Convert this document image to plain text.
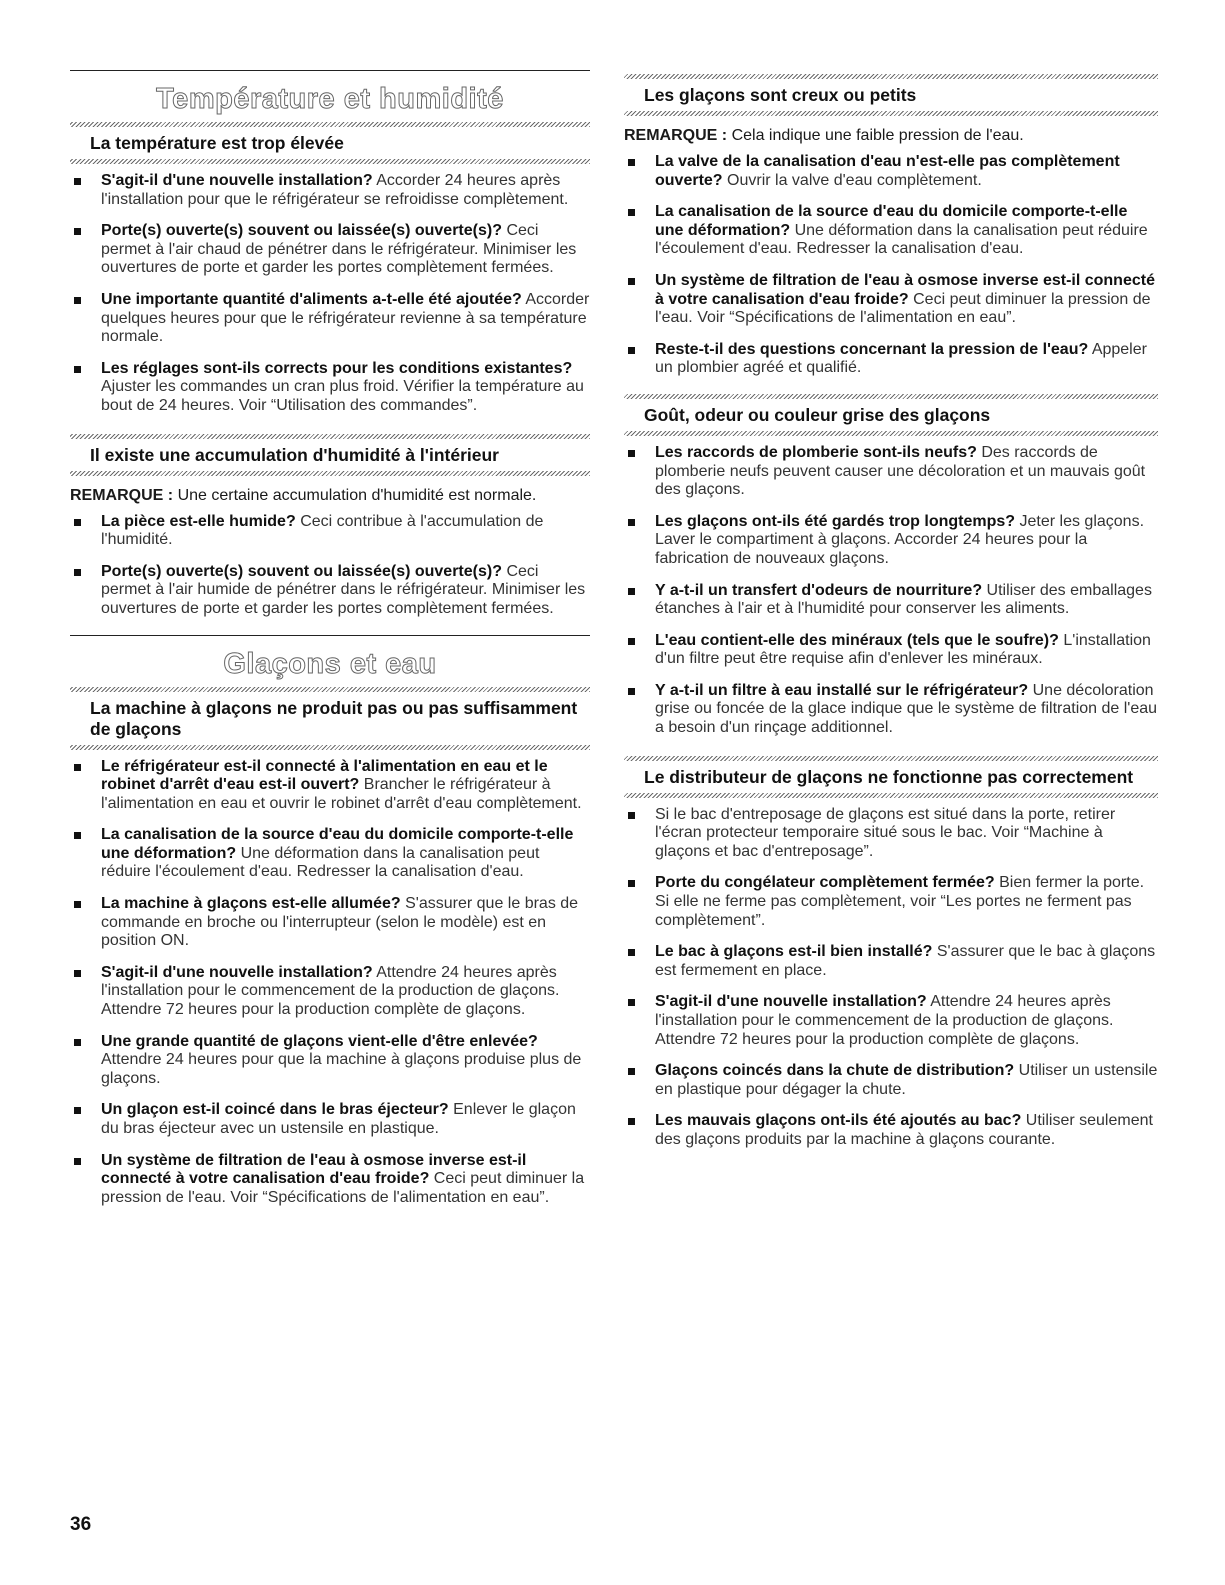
Température et humidité
La température est trop élevée
S'agit-il d'une nouvelle installation? Accorder 24 heures après l'installation pour que le réfrigérateur se refroidisse complètement.
Porte(s) ouverte(s) souvent ou laissée(s) ouverte(s)? Ceci permet à l'air chaud de pénétrer dans le réfrigérateur. Minimiser les ouvertures de porte et garder les portes complètement fermées.
Une importante quantité d'aliments a-t-elle été ajoutée? Accorder quelques heures pour que le réfrigérateur revienne à sa température normale.
Les réglages sont-ils corrects pour les conditions existantes? Ajuster les commandes un cran plus froid. Vérifier la température au bout de 24 heures. Voir “Utilisation des commandes”.
Il existe une accumulation d'humidité à l'intérieur
REMARQUE : Une certaine accumulation d'humidité est normale.
La pièce est-elle humide? Ceci contribue à l'accumulation de l'humidité.
Porte(s) ouverte(s) souvent ou laissée(s) ouverte(s)? Ceci permet à l'air humide de pénétrer dans le réfrigérateur. Minimiser les ouvertures de porte et garder les portes complètement fermées.
Glaçons et eau
La machine à glaçons ne produit pas ou pas suffisamment de glaçons
Le réfrigérateur est-il connecté à l'alimentation en eau et le robinet d'arrêt d'eau est-il ouvert? Brancher le réfrigérateur à l'alimentation en eau et ouvrir le robinet d'arrêt d'eau complètement.
La canalisation de la source d'eau du domicile comporte-t-elle une déformation? Une déformation dans la canalisation peut réduire l'écoulement d'eau. Redresser la canalisation d'eau.
La machine à glaçons est-elle allumée? S'assurer que le bras de commande en broche ou l'interrupteur (selon le modèle) est en position ON.
S'agit-il d'une nouvelle installation? Attendre 24 heures après l'installation pour le commencement de la production de glaçons. Attendre 72 heures pour la production complète de glaçons.
Une grande quantité de glaçons vient-elle d'être enlevée? Attendre 24 heures pour que la machine à glaçons produise plus de glaçons.
Un glaçon est-il coincé dans le bras éjecteur? Enlever le glaçon du bras éjecteur avec un ustensile en plastique.
Un système de filtration de l'eau à osmose inverse est-il connecté à votre canalisation d'eau froide? Ceci peut diminuer la pression de l'eau. Voir “Spécifications de l'alimentation en eau”.
Les glaçons sont creux ou petits
REMARQUE : Cela indique une faible pression de l'eau.
La valve de la canalisation d'eau n'est-elle pas complètement ouverte? Ouvrir la valve d'eau complètement.
La canalisation de la source d'eau du domicile comporte-t-elle une déformation? Une déformation dans la canalisation peut réduire l'écoulement d'eau. Redresser la canalisation d'eau.
Un système de filtration de l'eau à osmose inverse est-il connecté à votre canalisation d'eau froide? Ceci peut diminuer la pression de l'eau. Voir “Spécifications de l'alimentation en eau”.
Reste-t-il des questions concernant la pression de l'eau? Appeler un plombier agréé et qualifié.
Goût, odeur ou couleur grise des glaçons
Les raccords de plomberie sont-ils neufs? Des raccords de plomberie neufs peuvent causer une décoloration et un mauvais goût des glaçons.
Les glaçons ont-ils été gardés trop longtemps? Jeter les glaçons. Laver le compartiment à glaçons. Accorder 24 heures pour la fabrication de nouveaux glaçons.
Y a-t-il un transfert d'odeurs de nourriture? Utiliser des emballages étanches à l'air et à l'humidité pour conserver les aliments.
L'eau contient-elle des minéraux (tels que le soufre)? L'installation d'un filtre peut être requise afin d'enlever les minéraux.
Y a-t-il un filtre à eau installé sur le réfrigérateur? Une décoloration grise ou foncée de la glace indique que le système de filtration de l'eau a besoin d'un rinçage additionnel.
Le distributeur de glaçons ne fonctionne pas correctement
Si le bac d'entreposage de glaçons est situé dans la porte, retirer l'écran protecteur temporaire situé sous le bac. Voir “Machine à glaçons et bac d'entreposage”.
Porte du congélateur complètement fermée? Bien fermer la porte. Si elle ne ferme pas complètement, voir “Les portes ne ferment pas complètement”.
Le bac à glaçons est-il bien installé? S'assurer que le bac à glaçons est fermement en place.
S'agit-il d'une nouvelle installation? Attendre 24 heures après l'installation pour le commencement de la production de glaçons. Attendre 72 heures pour la production complète de glaçons.
Glaçons coincés dans la chute de distribution? Utiliser un ustensile en plastique pour dégager la chute.
Les mauvais glaçons ont-ils été ajoutés au bac? Utiliser seulement des glaçons produits par la machine à glaçons courante.
36
